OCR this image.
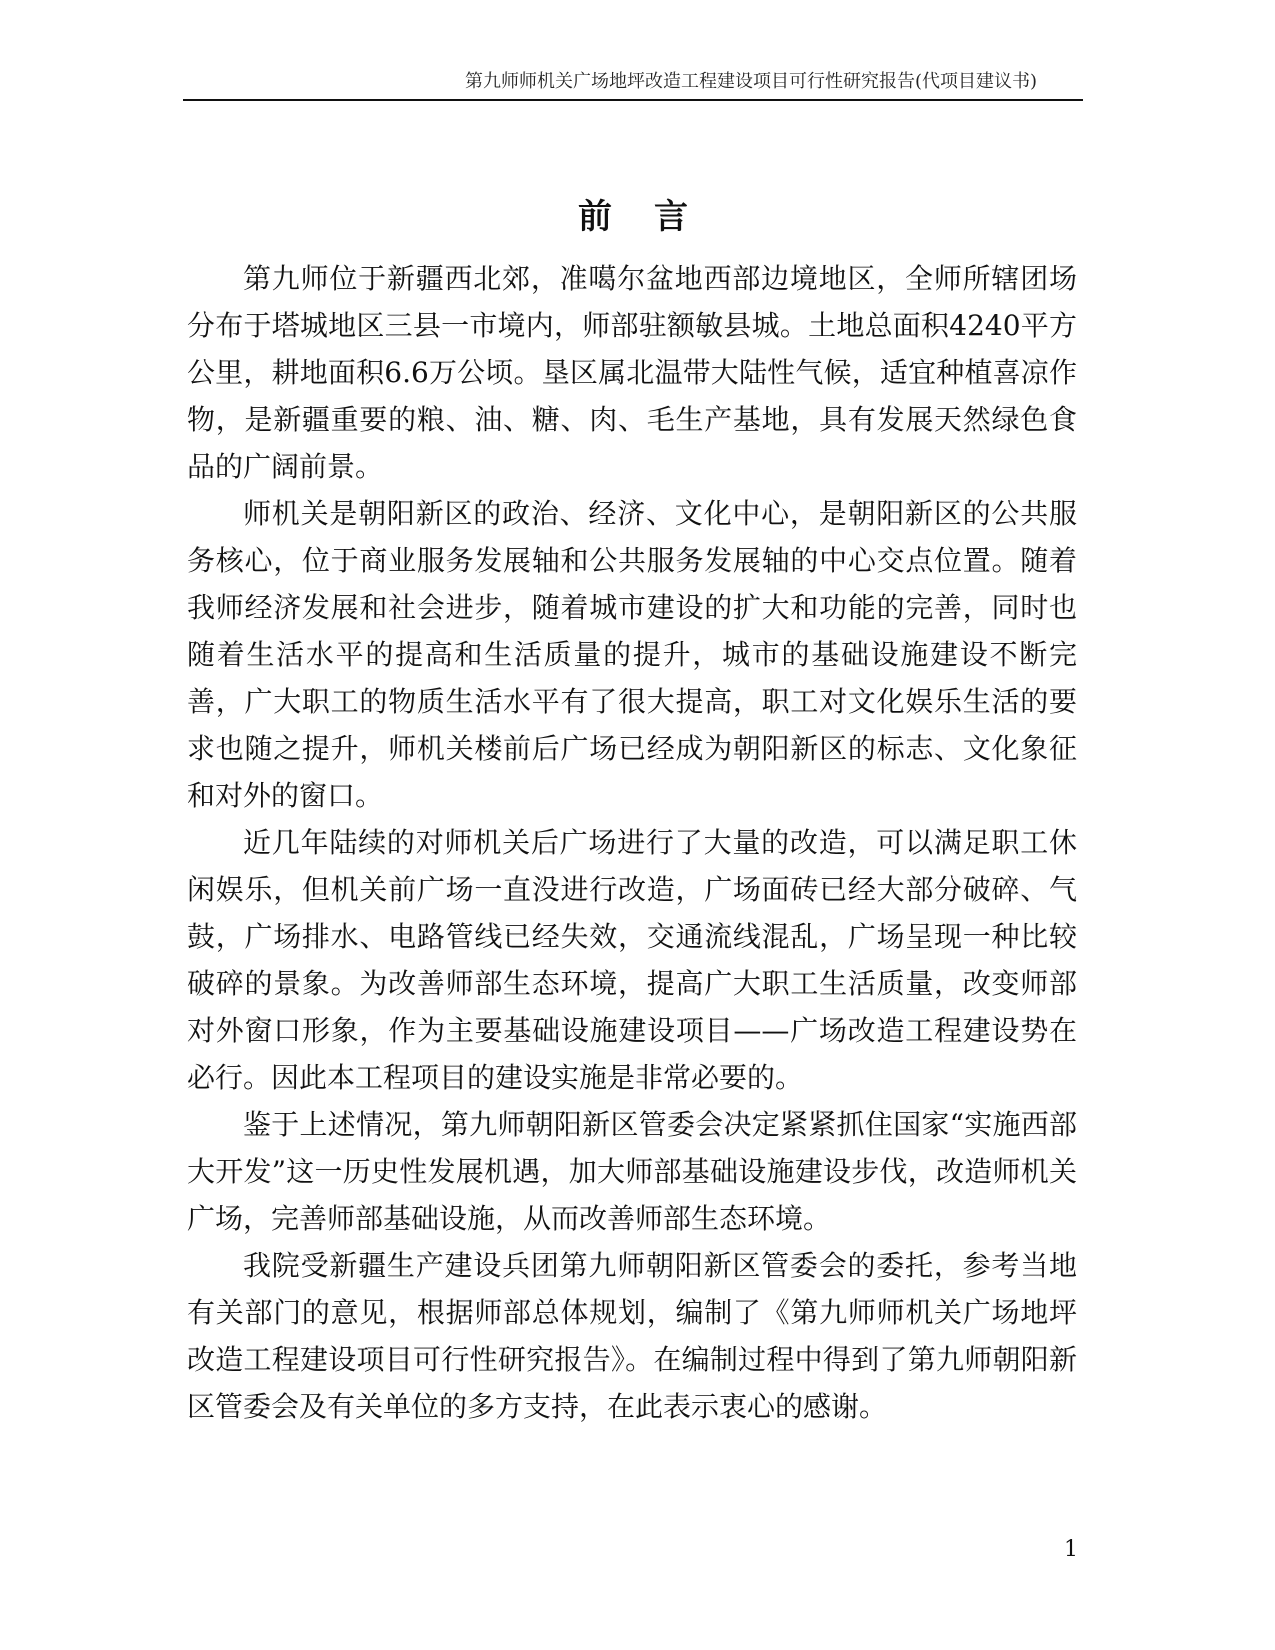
第九师师机关广场地坪改造工程建设项目可行性研究报告(代项目建议书)
前言

第九师位于新疆西北郊，准噶尔盆地西部边境地区，全师所辖团场分布于塔城地区三县一市境内，师部驻额敏县城。土地总面积4240平方公里，耕地面积6.6万公顷。垦区属北温带大陆性气候，适宜种植喜凉作物，是新疆重要的粮、油、糖、肉、毛生产基地，具有发展天然绿色食品的广阔前景。

师机关是朝阳新区的政治、经济、文化中心，是朝阳新区的公共服务核心，位于商业服务发展轴和公共服务发展轴的中心交点位置。随着我师经济发展和社会进步，随着城市建设的扩大和功能的完善，同时也随着生活水平的提高和生活质量的提升，城市的基础设施建设不断完善，广大职工的物质生活水平有了很大提高，职工对文化娱乐生活的要求也随之提升，师机关楼前后广场已经成为朝阳新区的标志、文化象征和对外的窗口。

近几年陆续的对师机关后广场进行了大量的改造，可以满足职工休闲娱乐，但机关前广场一直没进行改造，广场面砖已经大部分破碎、气鼓，广场排水、电路管线已经失效，交通流线混乱，广场呈现一种比较破碎的景象。为改善师部生态环境，提高广大职工生活质量，改变师部对外窗口形象，作为主要基础设施建设项目——广场改造工程建设势在必行。因此本工程项目的建设实施是非常必要的。

鉴于上述情况，第九师朝阳新区管委会决定紧紧抓住国家“实施西部大开发”这一历史性发展机遇，加大师部基础设施建设步伐，改造师机关广场，完善师部基础设施，从而改善师部生态环境。

我院受新疆生产建设兵团第九师朝阳新区管委会的委托，参考当地有关部门的意见，根据师部总体规划，编制了《第九师师机关广场地坪改造工程建设项目可行性研究报告》。在编制过程中得到了第九师朝阳新区管委会及有关单位的多方支持，在此表示衷心的感谢。

1
